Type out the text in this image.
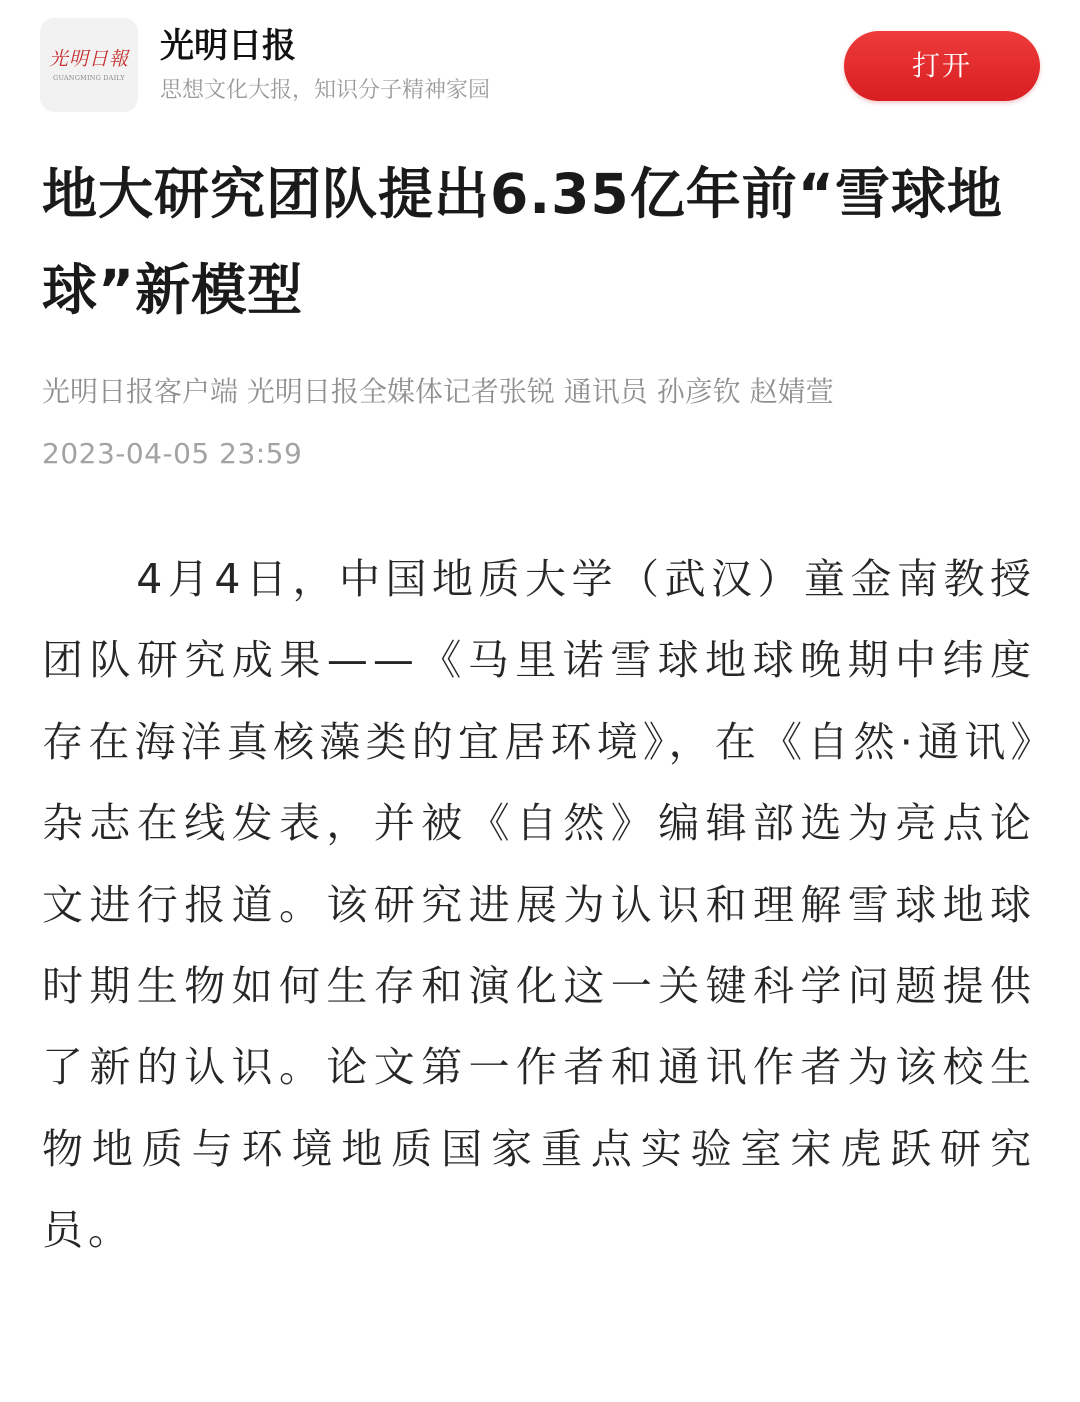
光明日報
GUANGMING DAILY
光明日报
思想文化大报，知识分子精神家园
打开
地大研究团队提出6.35亿年前“雪球地球”新模型
光明日报客户端 光明日报全媒体记者张锐 通讯员 孙彦钦 赵婧萱
2023-04-05 23:59

4月4日，中国地质大学（武汉）童金南教授团队研究成果——《马里诺雪球地球晚期中纬度存在海洋真核藻类的宜居环境》，在《自然·通讯》杂志在线发表，并被《自然》编辑部选为亮点论文进行报道。该研究进展为认识和理解雪球地球时期生物如何生存和演化这一关键科学问题提供了新的认识。论文第一作者和通讯作者为该校生物地质与环境地质国家重点实验室宋虎跃研究员。
